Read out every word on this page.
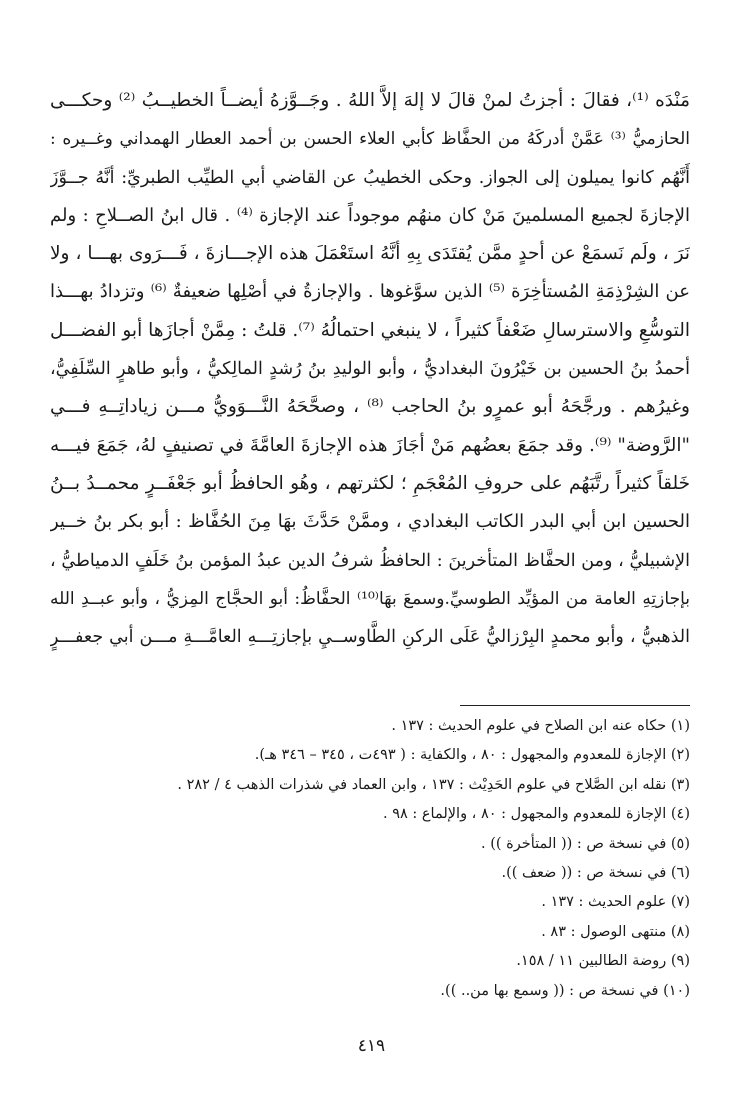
مَنْدَه ⁽¹⁾، فقالَ : أجزتُ لمنْ قالَ لا إلهَ إلاَّ اللهُ . وجَــوَّزهُ أيضــاً الخطيــبُ ⁽²⁾ وحكـــى
الحازميُّ ⁽³⁾ عَمَّنْ أدركَهُ من الحفَّاظ كأبي العلاء الحسن بن أحمد العطار الهمداني وغــيره :
أَنَّهُم كانوا يميلون إلى الجواز. وحكى الخطيبُ عن القاضي أبي الطيِّب الطبريِّ: أنَّهُ جــوَّزَ
الإجازةَ لجميع المسلمينَ مَنْ كان منهُم موجوداً عند الإجازة ⁽⁴⁾ . قال ابنُ الصــلاحِ : ولم
نَرَ ، ولَم نَسمَعْ عن أحدٍ ممَّن يُقتَدَى بِهِ أنَّهُ استَعْمَلَ هذه الإجـــازةَ ، فَـــرَوى بهـــا ، ولا
عن الشِرْذِمَةِ المُستأخِرَة ⁽⁵⁾ الذين سوَّغوها . والإجازةُ في أصْلِها ضعيفةٌ ⁽⁶⁾ وتزدادُ بهـــذا
التوسُّعِ والاسترسالِ ضَعْفاً كثيراً ، لا ينبغي احتمالُهُ ⁽⁷⁾. قلتُ : مِمَّنْ أجازَها أبو الفضـــل
أحمدُ بنُ الحسين بن خَيْرُونَ البغداديُّ ، وأبو الوليدِ بنُ رُشدٍ المالِكيُّ ، وأبو طاهرٍ السِّلَفِيُّ،
وغيرُهم . ورجَّحَهُ أبو عمرٍو بنُ الحاجب ⁽⁸⁾ ، وصحَّحَهُ النَّـــوَويُّ مـــن زياداتِــهِ فـــي
"الرَّوضة" ⁽⁹⁾. وقد جمَعَ بعضُهم مَنْ أجَازَ هذه الإجازةَ العامَّةَ في تصنيفٍ لهُ، جَمَعَ فيـــه
خَلقاً كثيراً رتَّبَهُم على حروفِ المُعْجَمِ ؛ لكثرتهم ، وهُو الحافظُ أبو جَعْفَــرٍ محمــدُ بــنُ
الحسين ابن أبي البدر الكاتب البغدادي ، وممَّنْ حَدَّثَ بهَا مِنَ الحُفَّاظ : أبو بكر بنُ خــير
الإشبيليُّ ، ومن الحفَّاظ المتأخرينَ : الحافظُ شرفُ الدين عبدُ المؤمن بنُ خَلَفٍ الدمياطيُّ ،
بإجازتِهِ العامة من المؤيِّد الطوسيِّ.وسمعَ بهَا⁽¹⁰⁾ الحفَّاظُ: أبو الحجَّاج المِزيُّ ، وأبو عبــدِ الله
الذهبيُّ ، وأبو محمدٍ البِرْزاليُّ عَلَى الركنِ الطَّاوســيِ بإجازتِـــهِ العامَّـــةِ مـــن أبي جعفـــرٍ
(١) حكاه عنه ابن الصلاح في علوم الحديث : ١٣٧ .
(٢) الإجازة للمعدوم والمجهول : ٨٠ ، والكفاية : ( ٤٩٣ت ، ٣٤٥ – ٣٤٦ هـ).
(٣) نقله ابن الصَّلاح في علوم الحَدِيْث : ١٣٧ ، وابن العماد في شذرات الذهب ٤ / ٢٨٢ .
(٤) الإجازة للمعدوم والمجهول : ٨٠ ، والإلماع : ٩٨ .
(٥) في نسخة ص : (( المتأخرة )) .
(٦) في نسخة ص : (( ضعف )).
(٧) علوم الحديث : ١٣٧ .
(٨) منتهى الوصول : ٨٣ .
(٩) روضة الطالبين ١١ / ١٥٨.
(١٠) في نسخة ص : (( وسمع بها من.. )).
٤١٩
